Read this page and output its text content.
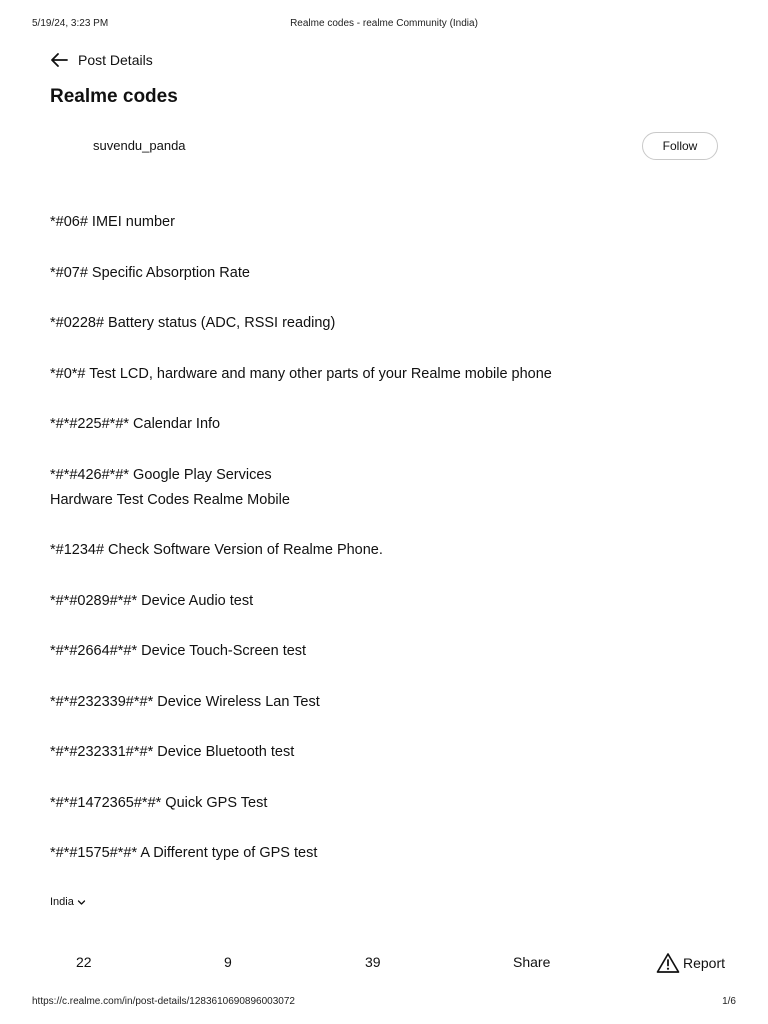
5/19/24, 3:23 PM	Realme codes - realme Community (India)
Post Details
Realme codes
suvendu_panda	Follow
*#06# IMEI number
*#07# Specific Absorption Rate
*#0228# Battery status (ADC, RSSI reading)
*#0*# Test LCD, hardware and many other parts of your Realme mobile phone
*#*#225#*#* Calendar Info
*#*#426#*#* Google Play Services
Hardware Test Codes Realme Mobile
*#1234# Check Software Version of Realme Phone.
*#*#0289#*#* Device Audio test
*#*#2664#*#* Device Touch-Screen test
*#*#232339#*#* Device Wireless Lan Test
*#*#232331#*#* Device Bluetooth test
*#*#1472365#*#* Quick GPS Test
*#*#1575#*#* A Different type of GPS test
India
22	9	39	Share	Report
https://c.realme.com/in/post-details/1283610690896003072	1/6
